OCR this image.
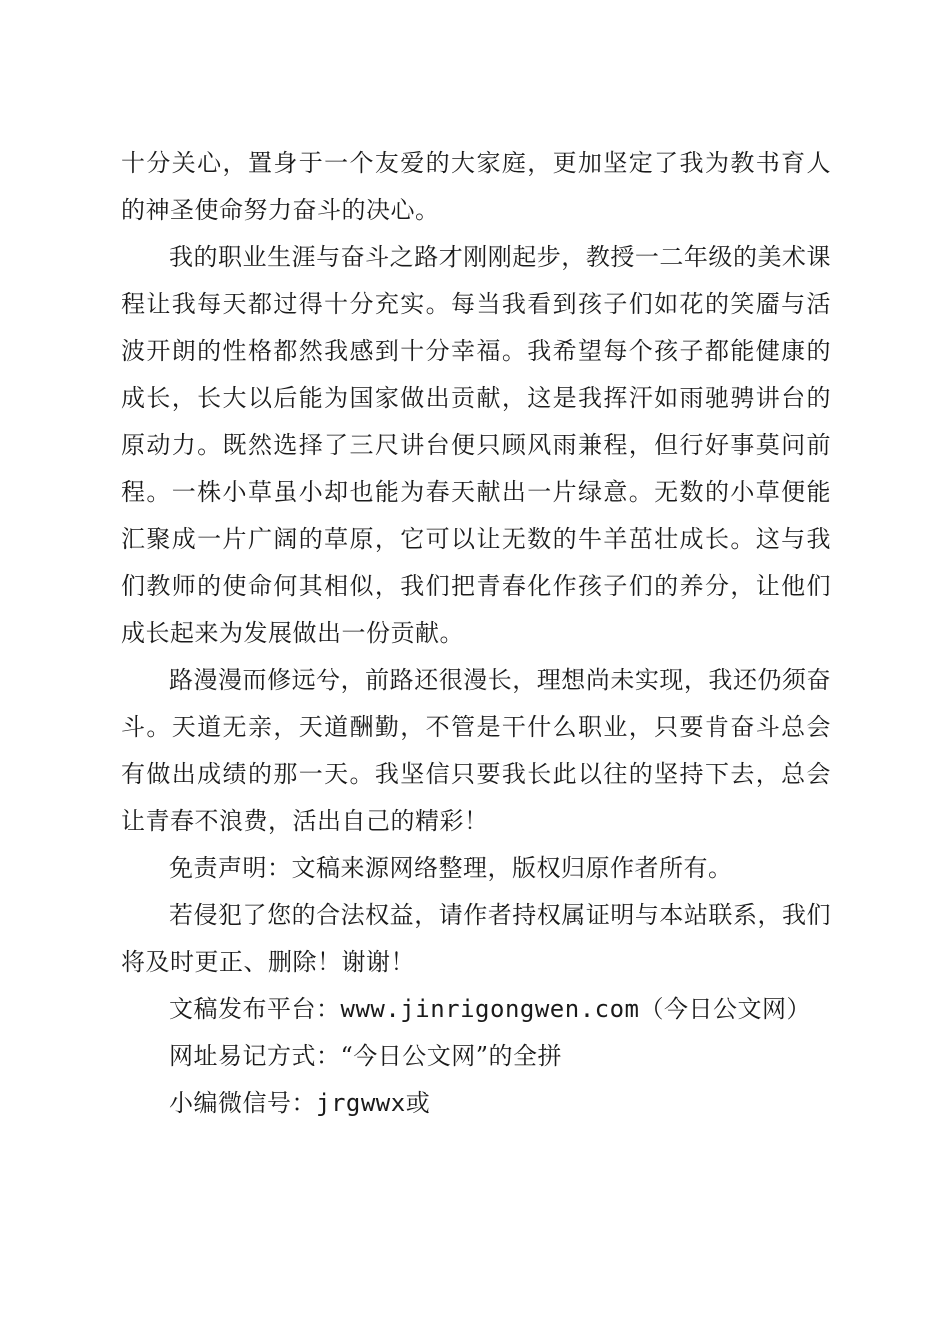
十分关心，置身于一个友爱的大家庭，更加坚定了我为教书育人的神圣使命努力奋斗的决心。

我的职业生涯与奋斗之路才刚刚起步，教授一二年级的美术课程让我每天都过得十分充实。每当我看到孩子们如花的笑靥与活波开朗的性格都然我感到十分幸福。我希望每个孩子都能健康的成长，长大以后能为国家做出贡献，这是我挥汗如雨驰骋讲台的原动力。既然选择了三尺讲台便只顾风雨兼程，但行好事莫问前程。一株小草虽小却也能为春天献出一片绿意。无数的小草便能汇聚成一片广阔的草原，它可以让无数的牛羊茁壮成长。这与我们教师的使命何其相似，我们把青春化作孩子们的养分，让他们成长起来为发展做出一份贡献。

路漫漫而修远兮，前路还很漫长，理想尚未实现，我还仍须奋斗。天道无亲，天道酬勤，不管是干什么职业，只要肯奋斗总会有做出成绩的那一天。我坚信只要我长此以往的坚持下去，总会让青春不浪费，活出自己的精彩！

免责声明：文稿来源网络整理，版权归原作者所有。

若侵犯了您的合法权益，请作者持权属证明与本站联系，我们将及时更正、删除！谢谢！

文稿发布平台：www.jinrigongwen.com（今日公文网）

网址易记方式：“今日公文网”的全拼

小编微信号：jrgwwx或
